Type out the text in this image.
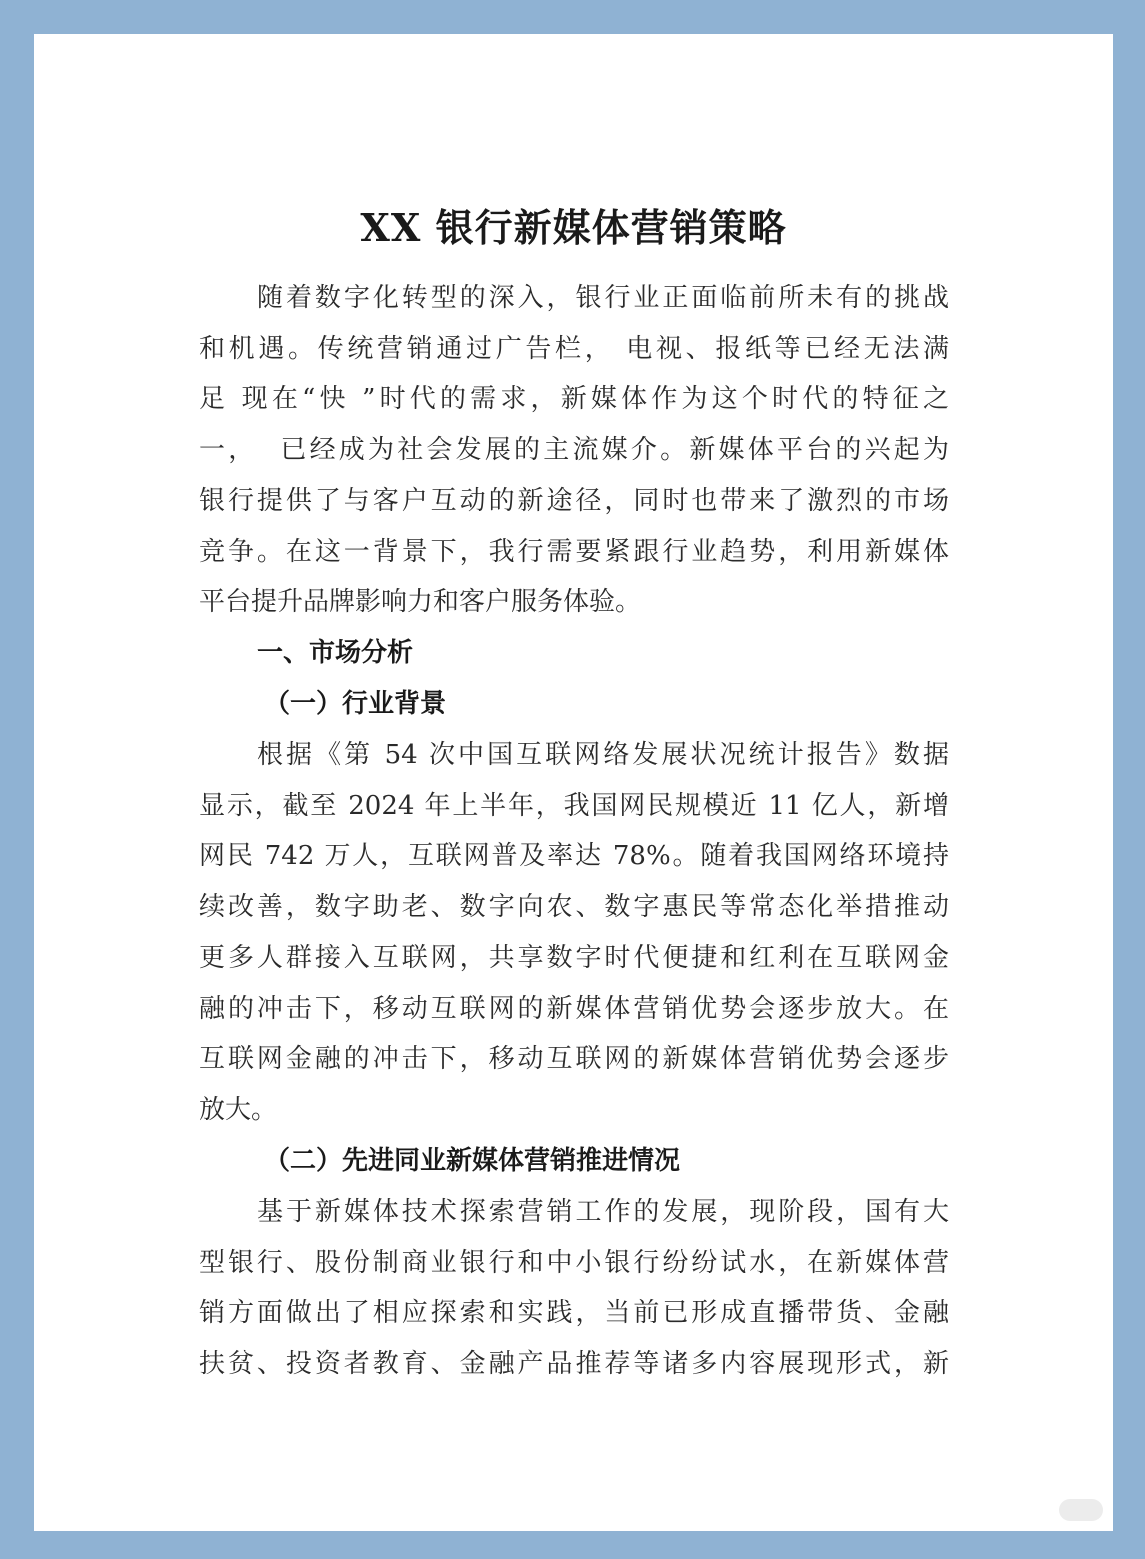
XX 银行新媒体营销策略
随着数字化转型的深入，银行业正面临前所未有的挑战
和机遇。传统营销通过广告栏， 电视、报纸等已经无法满
足 现在“快 ”时代的需求，新媒体作为这个时代的特征之
一，  已经成为社会发展的主流媒介。新媒体平台的兴起为
银行提供了与客户互动的新途径，同时也带来了激烈的市场
竞争。在这一背景下，我行需要紧跟行业趋势，利用新媒体
平台提升品牌影响力和客户服务体验。
一、市场分析
（一）行业背景
根据《第 54 次中国互联网络发展状况统计报告》数据
显示，截至 2024 年上半年，我国网民规模近 11 亿人，新增
网民 742 万人，互联网普及率达 78%。随着我国网络环境持
续改善，数字助老、数字向农、数字惠民等常态化举措推动
更多人群接入互联网，共享数字时代便捷和红利在互联网金
融的冲击下，移动互联网的新媒体营销优势会逐步放大。在
互联网金融的冲击下，移动互联网的新媒体营销优势会逐步
放大。
（二）先进同业新媒体营销推进情况
基于新媒体技术探索营销工作的发展，现阶段，国有大
型银行、股份制商业银行和中小银行纷纷试水，在新媒体营
销方面做出了相应探索和实践，当前已形成直播带货、金融
扶贫、投资者教育、金融产品推荐等诸多内容展现形式，新
